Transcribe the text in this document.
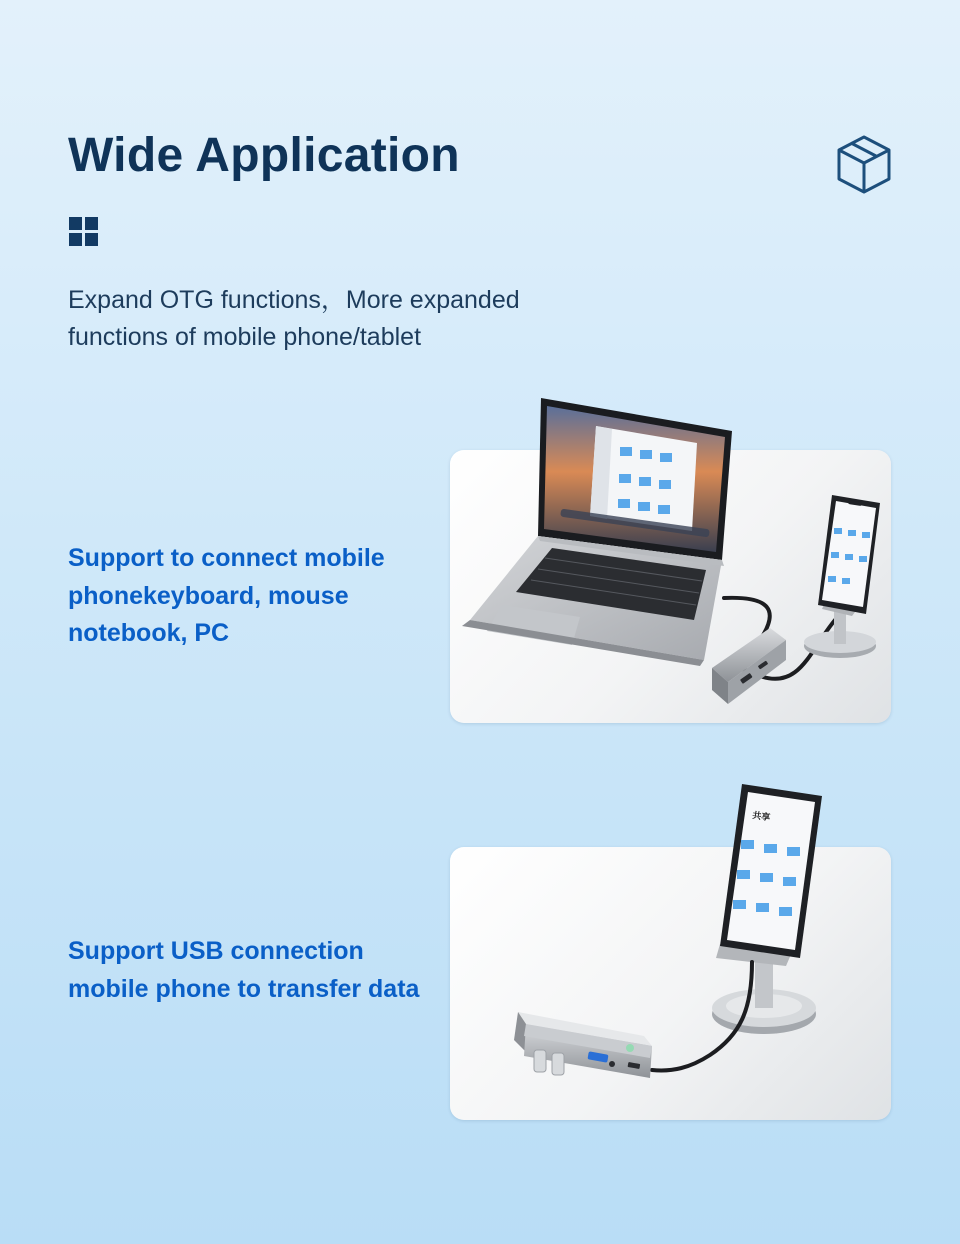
Wide Application

Expand OTG functions，More expanded
functions of mobile phone/tablet

Support to connect mobile
phonekeyboard, mouse
notebook, PC

Support USB connection
mobile phone to transfer data

共享
